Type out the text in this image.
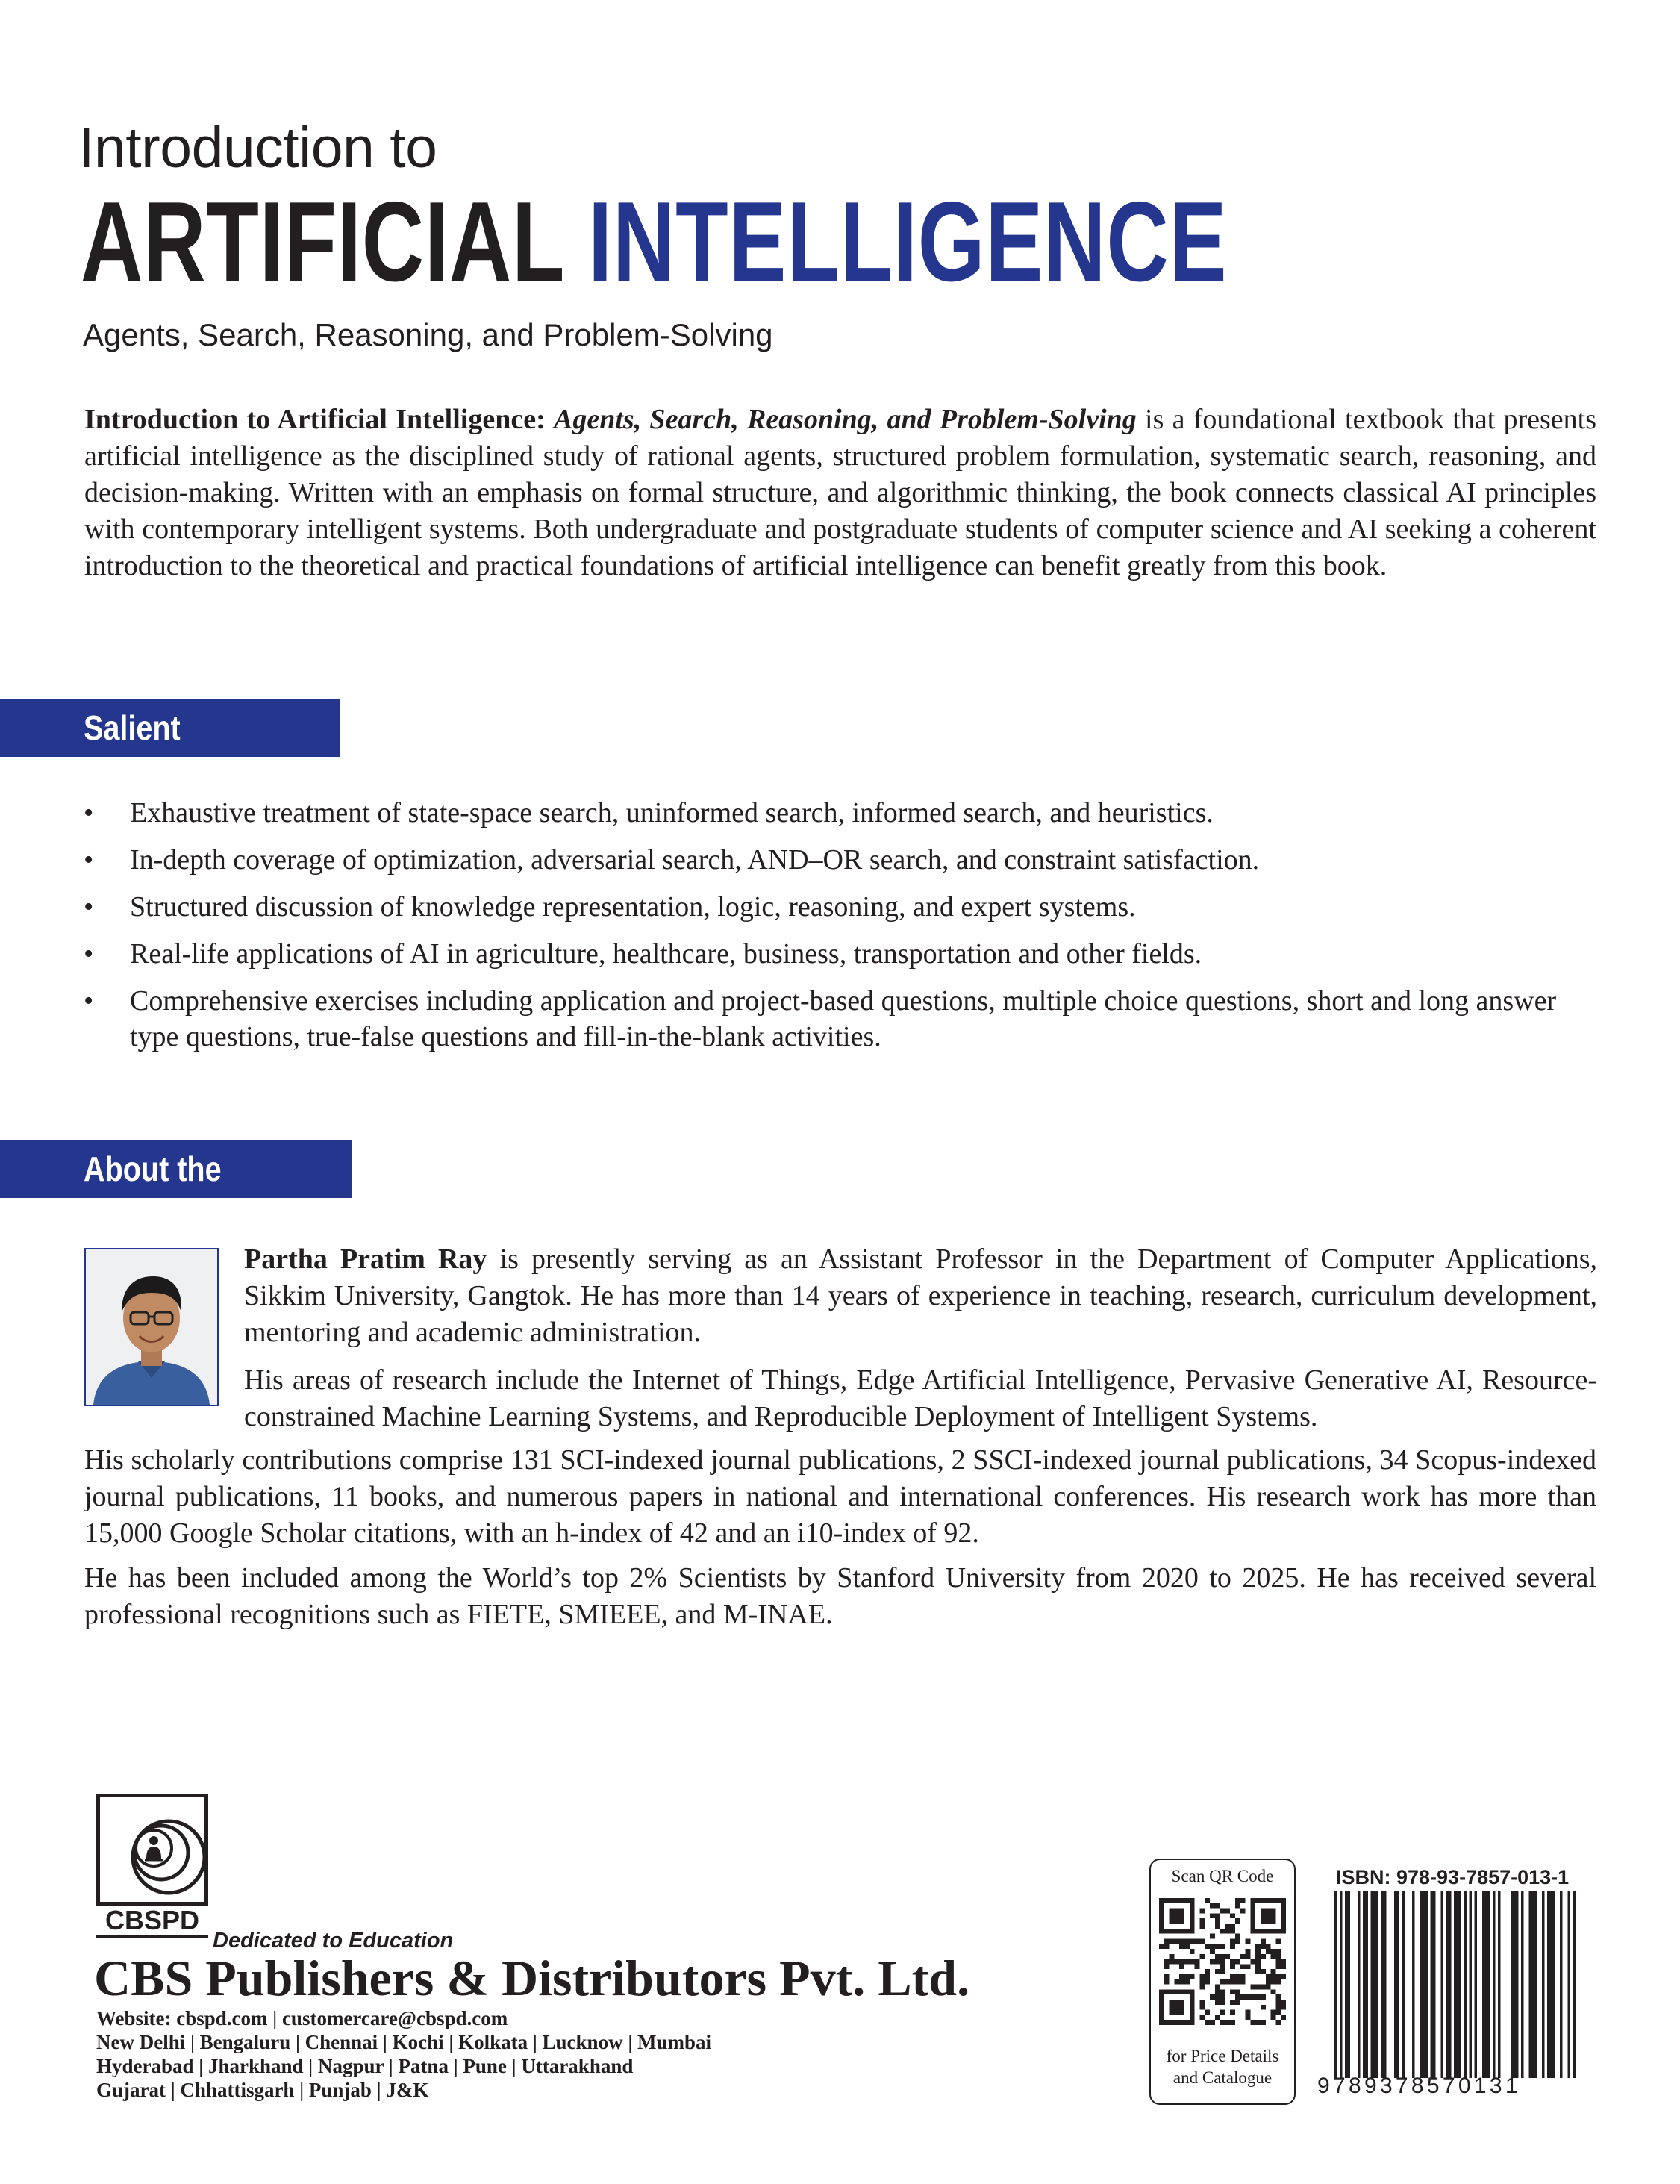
Introduction to
ARTIFICIAL INTELLIGENCE
Agents, Search, Reasoning, and Problem-Solving
Introduction to Artificial Intelligence: Agents, Search, Reasoning, and Problem-Solving is a foundational textbook that presents artificial intelligence as the disciplined study of rational agents, structured problem formulation, systematic search, reasoning, and decision-making. Written with an emphasis on formal structure, and algorithmic thinking, the book connects classical AI principles with contemporary intelligent systems. Both undergraduate and postgraduate students of computer science and AI seeking a coherent introduction to the theoretical and practical foundations of artificial intelligence can benefit greatly from this book.
Salient Features
• Exhaustive treatment of state-space search, uninformed search, informed search, and heuristics.
• In-depth coverage of optimization, adversarial search, AND–OR search, and constraint satisfaction.
• Structured discussion of knowledge representation, logic, reasoning, and expert systems.
• Real-life applications of AI in agriculture, healthcare, business, transportation and other fields.
• Comprehensive exercises including application and project-based questions, multiple choice questions, short and long answer type questions, true-false questions and fill-in-the-blank activities.
About the Author
Partha Pratim Ray is presently serving as an Assistant Professor in the Department of Computer Applications, Sikkim University, Gangtok. He has more than 14 years of experience in teaching, research, curriculum development, mentoring and academic administration.
His areas of research include the Internet of Things, Edge Artificial Intelligence, Pervasive Generative AI, Resource-constrained Machine Learning Systems, and Reproducible Deployment of Intelligent Systems.
His scholarly contributions comprise 131 SCI-indexed journal publications, 2 SSCI-indexed journal publications, 34 Scopus-indexed journal publications, 11 books, and numerous papers in national and international conferences. His research work has more than 15,000 Google Scholar citations, with an h-index of 42 and an i10-index of 92.
He has been included among the World’s top 2% Scientists by Stanford University from 2020 to 2025. He has received several professional recognitions such as FIETE, SMIEEE, and M-INAE.
CBSPD
Dedicated to Education
CBS Publishers & Distributors Pvt. Ltd.
Website: cbspd.com | customercare@cbspd.com
New Delhi | Bengaluru | Chennai | Kochi | Kolkata | Lucknow | Mumbai
Hyderabad | Jharkhand | Nagpur | Patna | Pune | Uttarakhand
Gujarat | Chhattisgarh | Punjab | J&K
Scan QR Code
for Price Details
and Catalogue
ISBN: 978-93-7857-013-1
9789378570131
